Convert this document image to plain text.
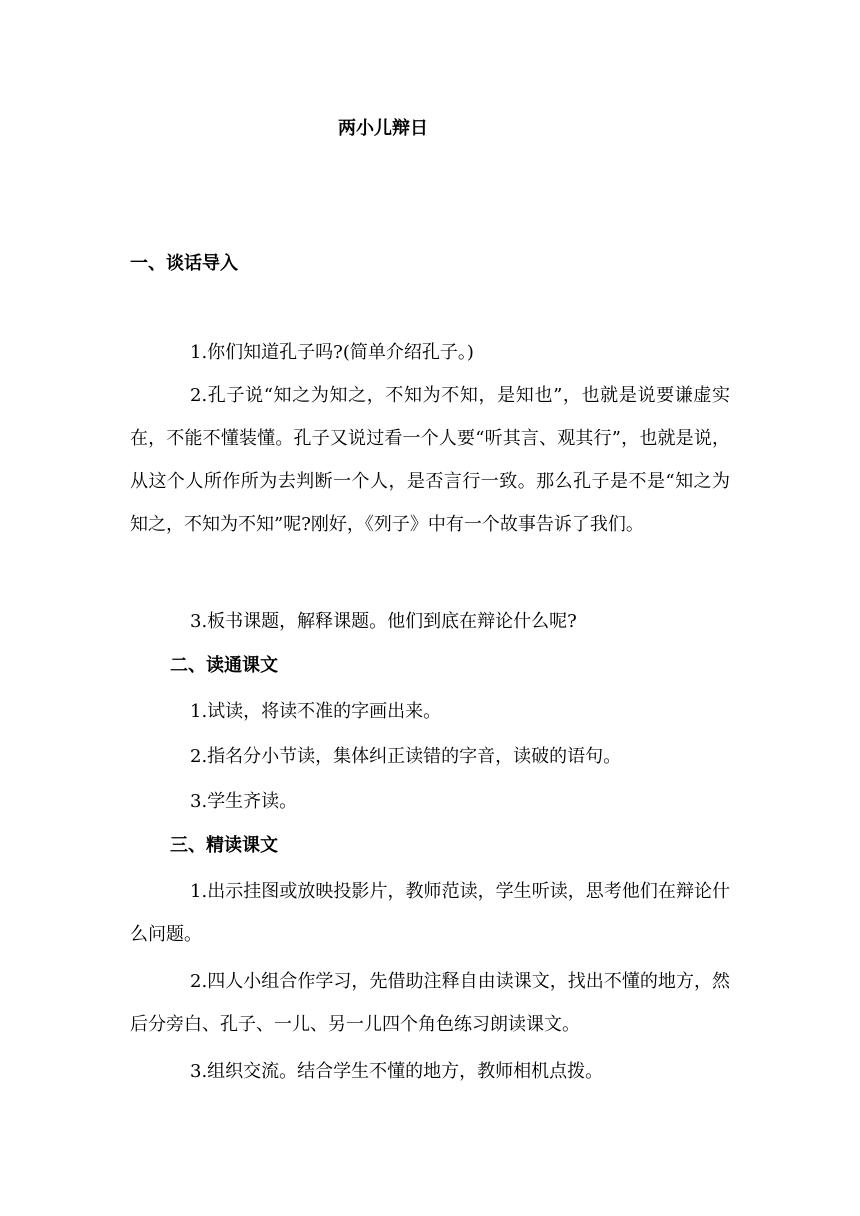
两小儿辩日
一、谈话导入
1.你们知道孔子吗?(简单介绍孔子。)
2.孔子说“知之为知之，不知为不知，是知也”，也就是说要谦虚实在，不能不懂装懂。孔子又说过看一个人要“听其言、观其行”，也就是说，从这个人所作所为去判断一个人，是否言行一致。那么孔子是不是“知之为知之，不知为不知”呢?刚好，《列子》中有一个故事告诉了我们。
3.板书课题，解释课题。他们到底在辩论什么呢?
二、读通课文
1.试读，将读不准的字画出来。
2.指名分小节读，集体纠正读错的字音，读破的语句。
3.学生齐读。
三、精读课文
1.出示挂图或放映投影片，教师范读，学生听读，思考他们在辩论什么问题。
2.四人小组合作学习，先借助注释自由读课文，找出不懂的地方，然后分旁白、孔子、一儿、另一儿四个角色练习朗读课文。
3.组织交流。结合学生不懂的地方，教师相机点拨。
